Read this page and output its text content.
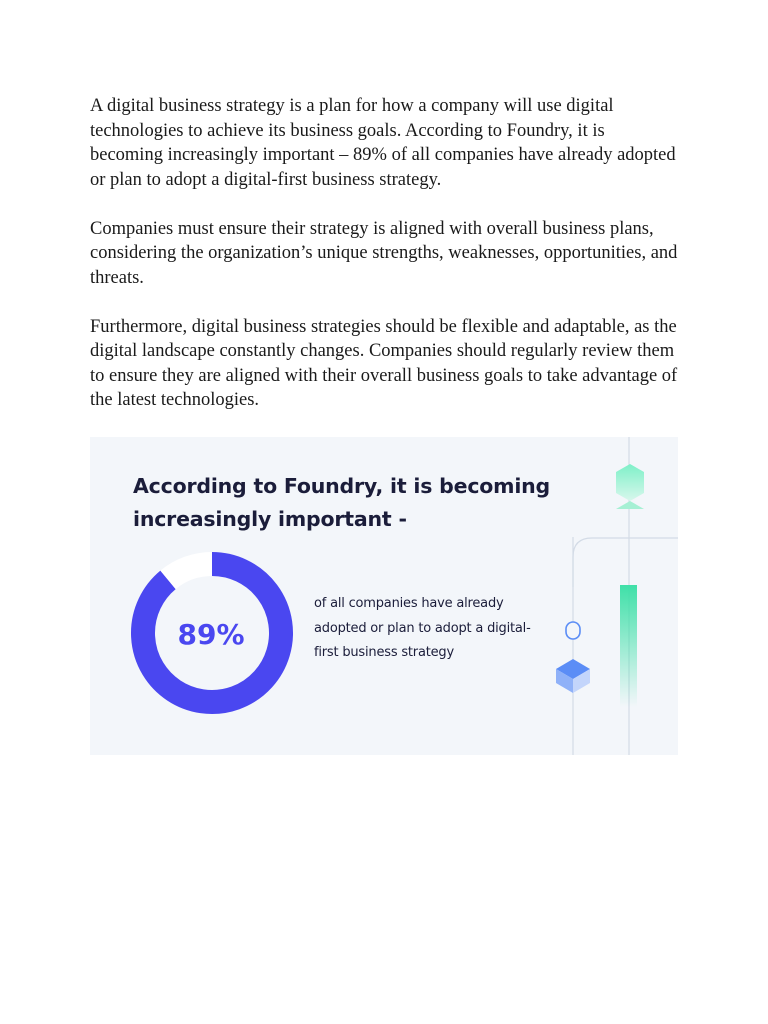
A digital business strategy is a plan for how a company will use digital technologies to achieve its business goals. According to Foundry, it is becoming increasingly important – 89% of all companies have already adopted or plan to adopt a digital-first business strategy.

Companies must ensure their strategy is aligned with overall business plans, considering the organization’s unique strengths, weaknesses, opportunities, and threats.

Furthermore, digital business strategies should be flexible and adaptable, as the digital landscape constantly changes. Companies should regularly review them to ensure they are aligned with their overall business goals to take advantage of the latest technologies.

89%
According to Foundry, it is becoming increasingly important -
of all companies have already adopted or plan to adopt a digital-first business strategy
